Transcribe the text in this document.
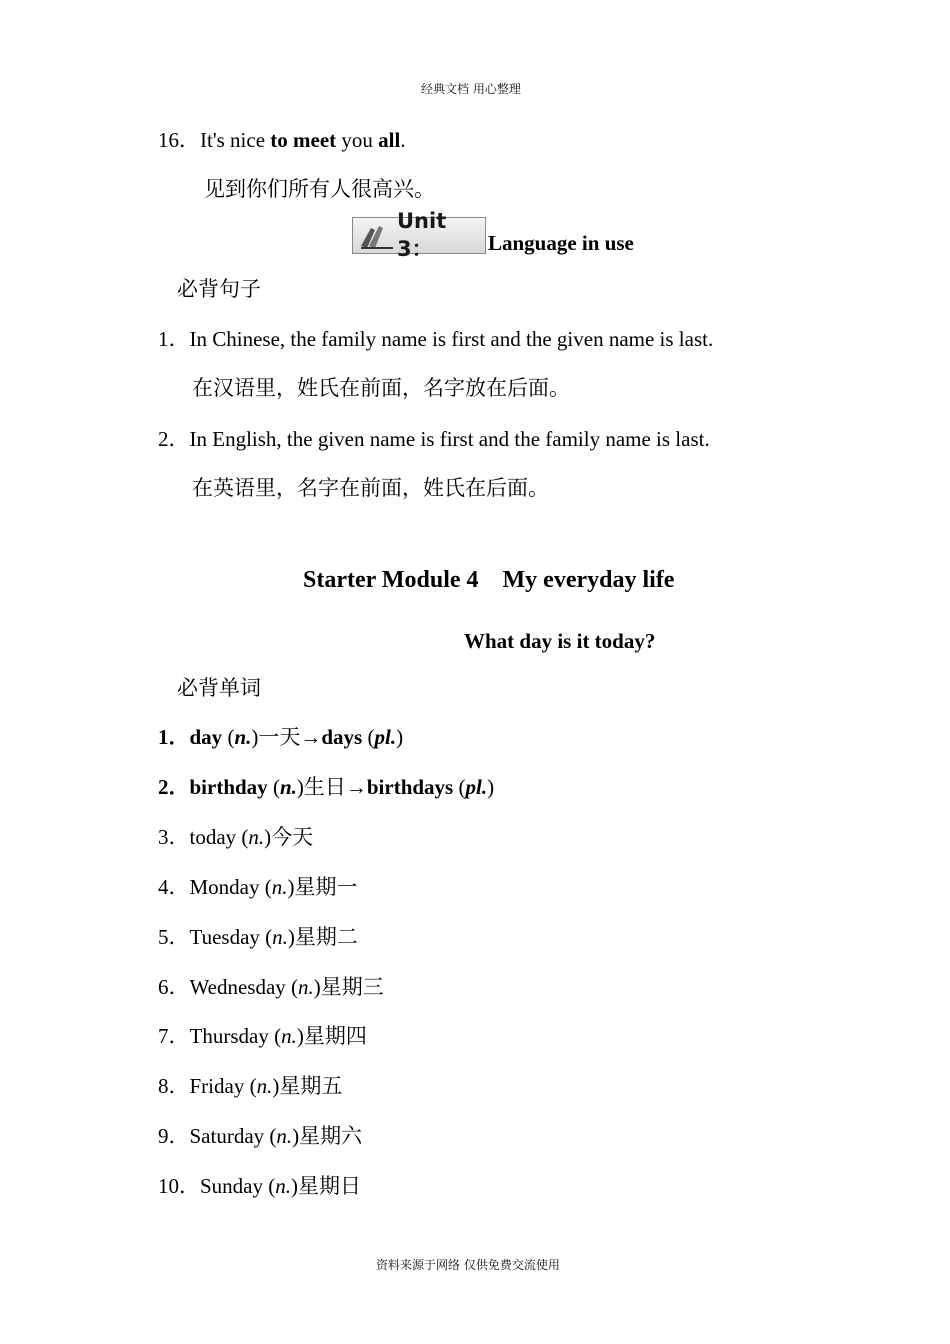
经典文档 用心整理
16．It's nice to meet you all.
见到你们所有人很高兴。
Unit 3：	Language in use
必背句子
1．In Chinese, the family name is first and the given name is last.
在汉语里，姓氏在前面，名字放在后面。
2．In English, the given name is first and the family name is last.
在英语里，名字在前面，姓氏在后面。
Starter Module 4    My everyday life
What day is it today?
必背单词
1．day (n.)一天→days (pl.)
2．birthday (n.)生日→birthdays (pl.)
3．today (n.)今天
4．Monday (n.)星期一
5．Tuesday (n.)星期二
6．Wednesday (n.)星期三
7．Thursday (n.)星期四
8．Friday (n.)星期五
9．Saturday (n.)星期六
10．Sunday (n.)星期日
资料来源于网络 仅供免费交流使用
